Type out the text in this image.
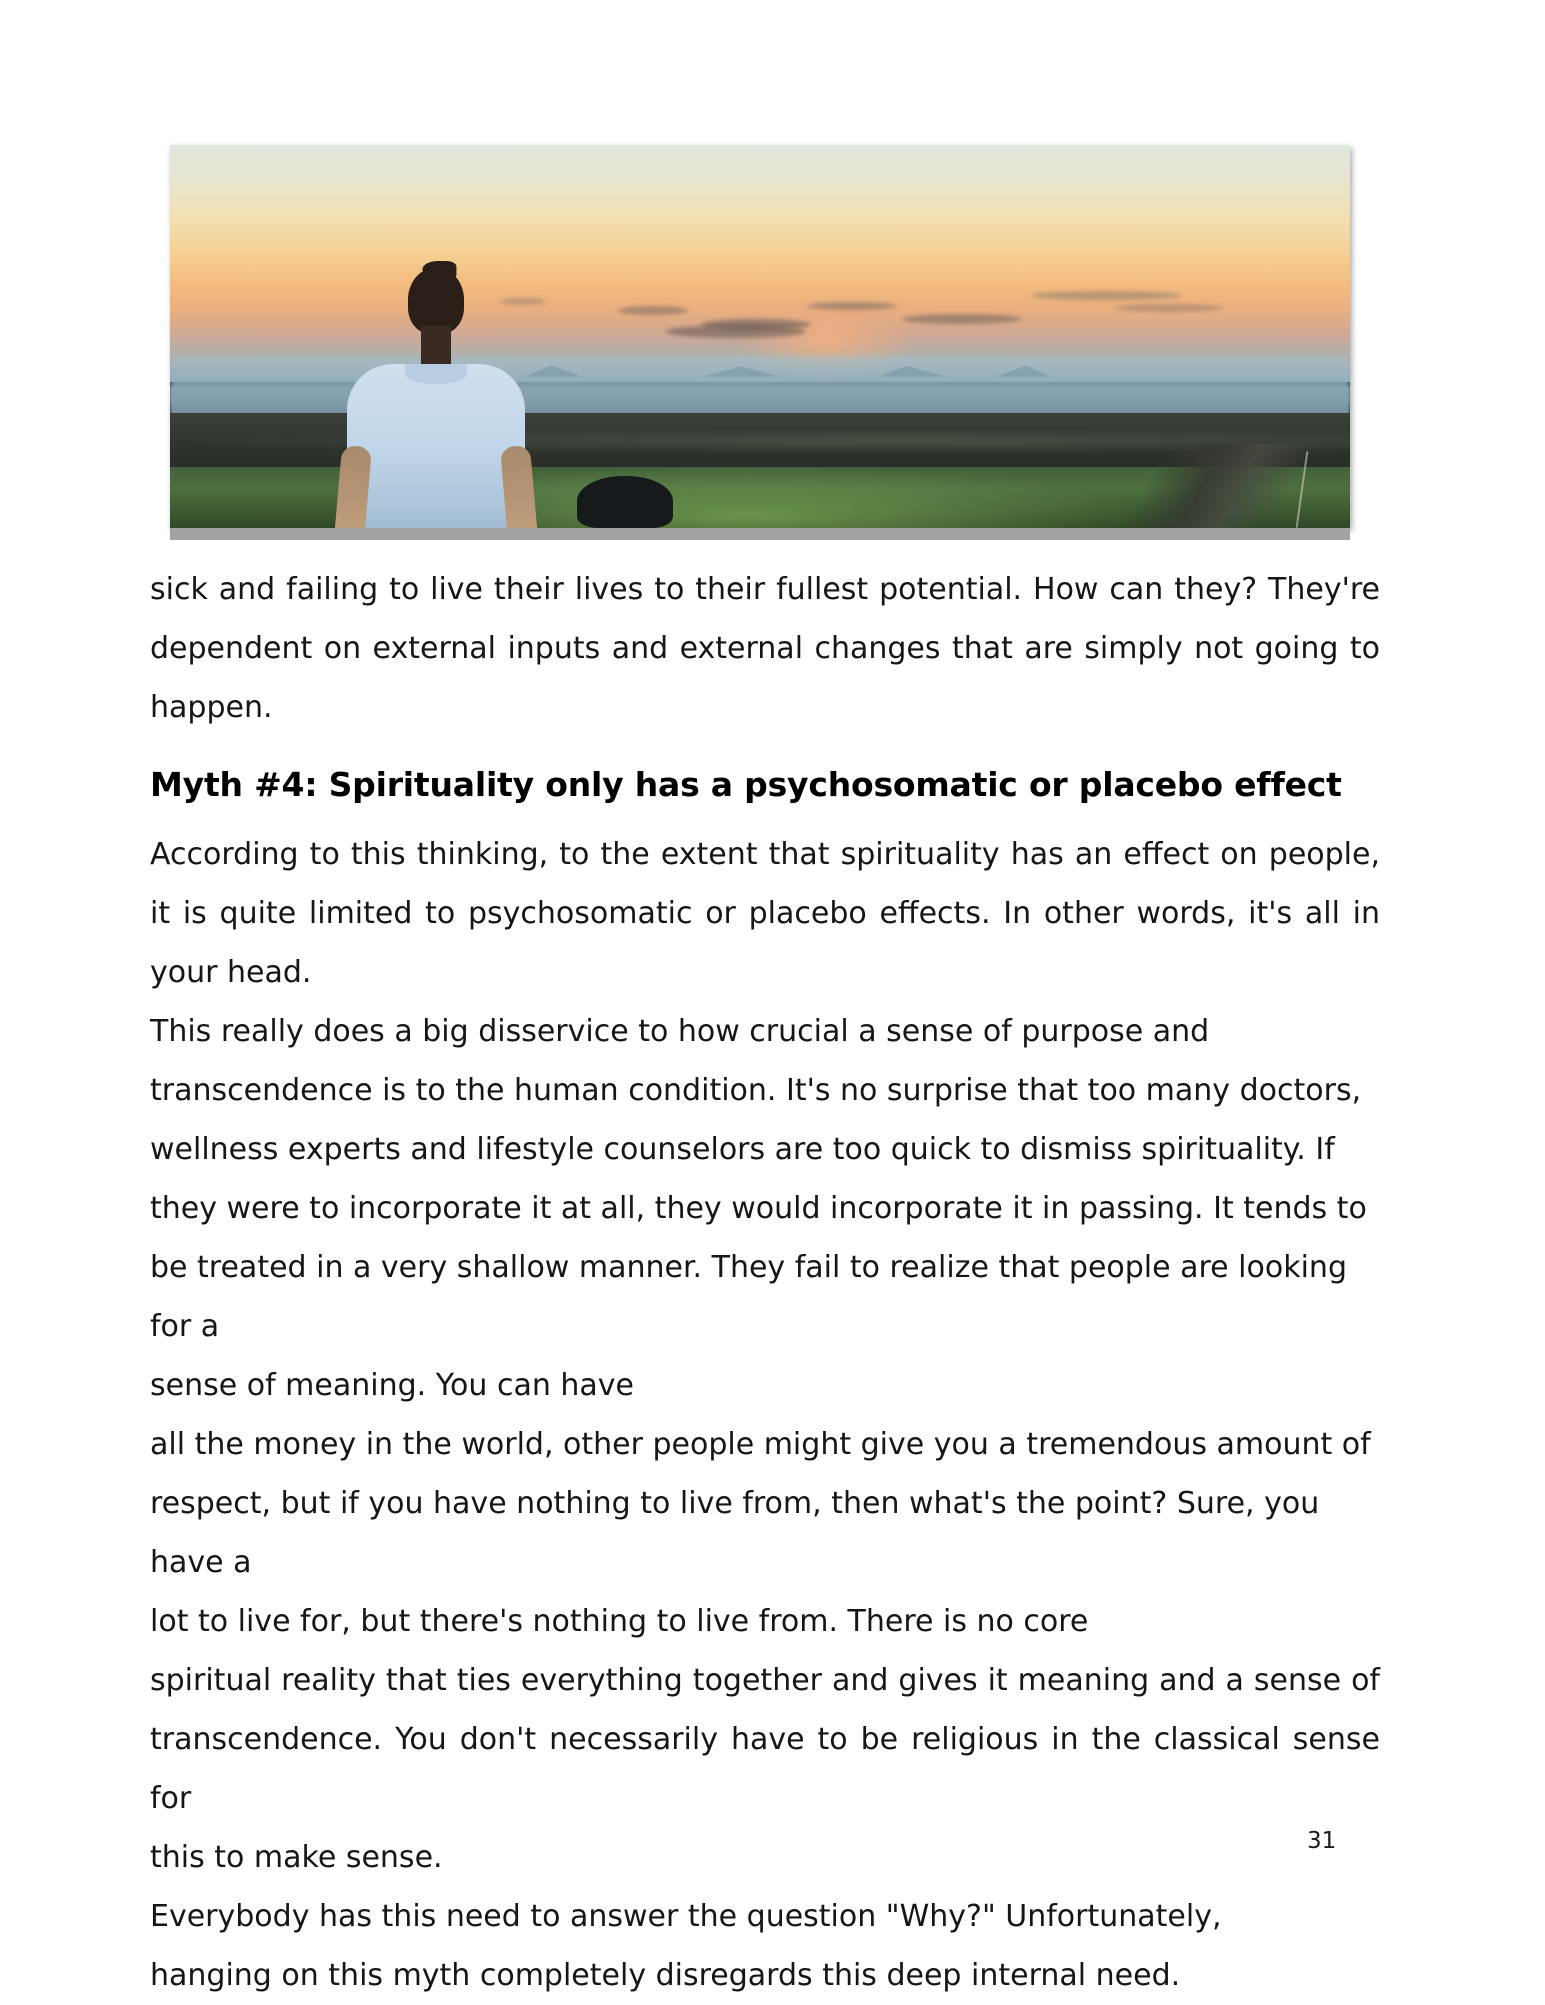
sick and failing to live their lives to their fullest potential. How can they? They're dependent on external inputs and external changes that are simply not going to happen.

Myth #4: Spirituality only has a psychosomatic or placebo effect

According to this thinking, to the extent that spirituality has an effect on people, it is quite limited to psychosomatic or placebo effects. In other words, it's all in your head.

This really does a big disservice to how crucial a sense of purpose and transcendence is to the human condition. It's no surprise that too many doctors, wellness experts and lifestyle counselors are too quick to dismiss spirituality. If they were to incorporate it at all, they would incorporate it in passing. It tends to be treated in a very shallow manner. They fail to realize that people are looking for a

sense of meaning. You can have

all the money in the world, other people might give you a tremendous amount of respect, but if you have nothing to live from, then what's the point? Sure, you have a

lot to live for, but there's nothing to live from. There is no core

spiritual reality that ties everything together and gives it meaning and a sense of transcendence. You don't necessarily have to be religious in the classical sense for

this to make sense.

Everybody has this need to answer the question "Why?" Unfortunately,

hanging on this myth completely disregards this deep internal need.

31
